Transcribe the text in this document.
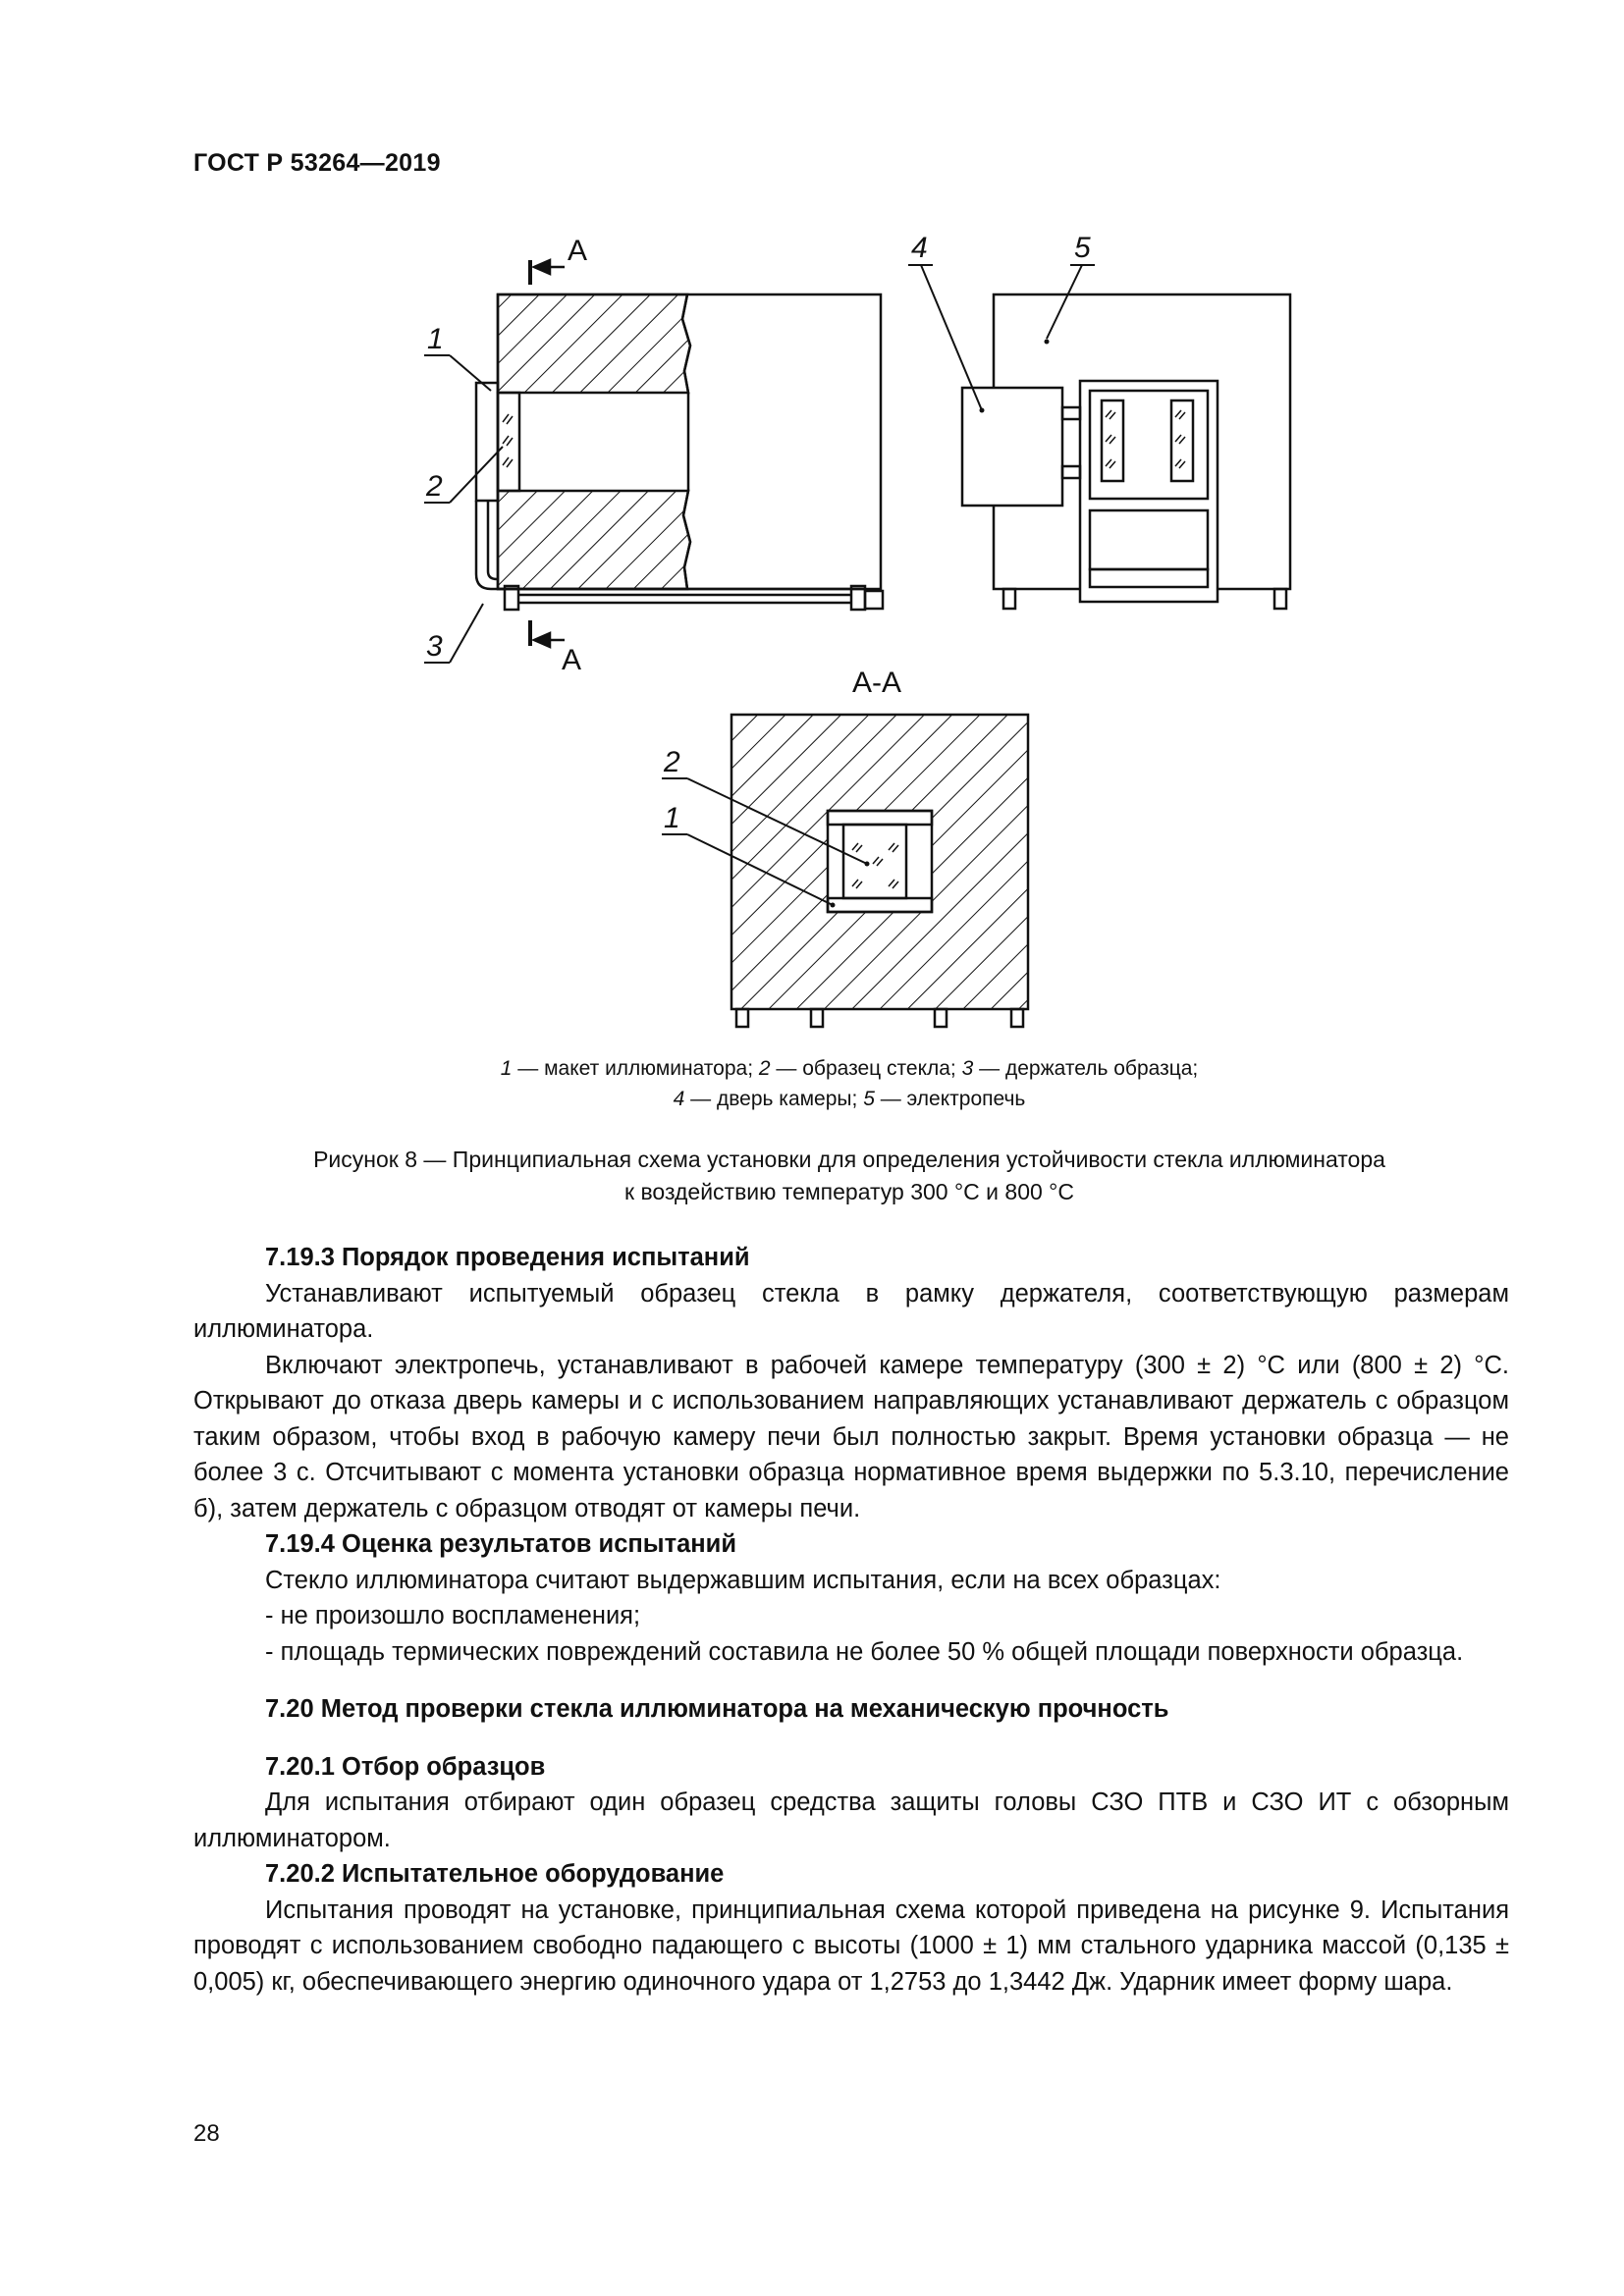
ГОСТ Р 53264—2019
А
А
1
2
3
4	5
А-А
2
1
1 — макет иллюминатора; 2 — образец стекла; 3 — держатель образца;
4 — дверь камеры; 5 — электропечь
Рисунок 8 — Принципиальная схема установки для определения устойчивости стекла иллюминатора
к воздействию температур 300 °С и 800 °С

7.19.3 Порядок проведения испытаний

Устанавливают испытуемый образец стекла в рамку держателя, соответствующую размерам иллюминатора.

Включают электропечь, устанавливают в рабочей камере температуру (300 ± 2) °С или (800 ± 2) °С. Открывают до отказа дверь камеры и с использованием направляющих устанавливают держатель с образцом таким образом, чтобы вход в рабочую камеру печи был полностью закрыт. Время установки образца — не более 3 с. Отсчитывают с момента установки образца нормативное время выдержки по 5.3.10, перечисление б), затем держатель с образцом отводят от камеры печи.

7.19.4 Оценка результатов испытаний

Стекло иллюминатора считают выдержавшим испытания, если на всех образцах:

- не произошло воспламенения;

- площадь термических повреждений составила не более 50 % общей площади поверхности образца.

7.20 Метод проверки стекла иллюминатора на механическую прочность

7.20.1 Отбор образцов

Для испытания отбирают один образец средства защиты головы СЗО ПТВ и СЗО ИТ с обзорным иллюминатором.

7.20.2 Испытательное оборудование

Испытания проводят на установке, принципиальная схема которой приведена на рисунке 9. Испытания проводят с использованием свободно падающего с высоты (1000 ± 1) мм стального ударника массой (0,135 ± 0,005) кг, обеспечивающего энергию одиночного удара от 1,2753 до 1,3442 Дж. Ударник имеет форму шара.

28
